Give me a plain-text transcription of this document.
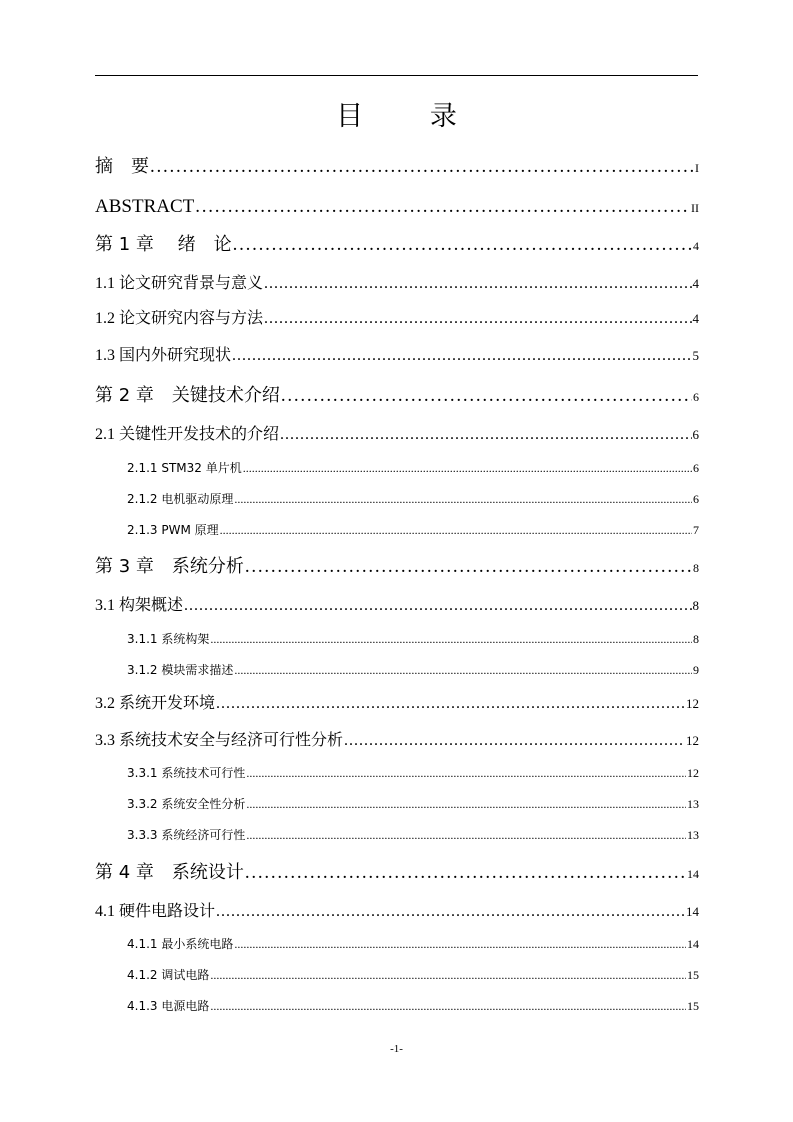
目 录
摘　要 . . .	I
ABSTRACT . . .	II
第 1 章　 绪　论 . . .	4
1.1 论文研究背景与意义 . . .	4
1.2 论文研究内容与方法 . . .	4
1.3 国内外研究现状 . . .	5
第 2 章　关键技术介绍 . . .	6
2.1 关键性开发技术的介绍 . . .	6
2.1.1 STM32 单片机 . . .	6
2.1.2 电机驱动原理 . . .	6
2.1.3 PWM 原理 . . .	7
第 3 章　系统分析 . . .	8
3.1 构架概述 . . .	8
3.1.1 系统构架 . . .	8
3.1.2 模块需求描述 . . .	9
3.2 系统开发环境 . . .	12
3.3 系统技术安全与经济可行性分析 . . .	12
3.3.1 系统技术可行性 . . .	12
3.3.2 系统安全性分析 . . .	13
3.3.3 系统经济可行性 . . .	13
第 4 章　系统设计 . . .	14
4.1 硬件电路设计 . . .	14
4.1.1 最小系统电路 . . .	14
4.1.2 调试电路 . . .	15
4.1.3 电源电路 . . .	15
-1-
